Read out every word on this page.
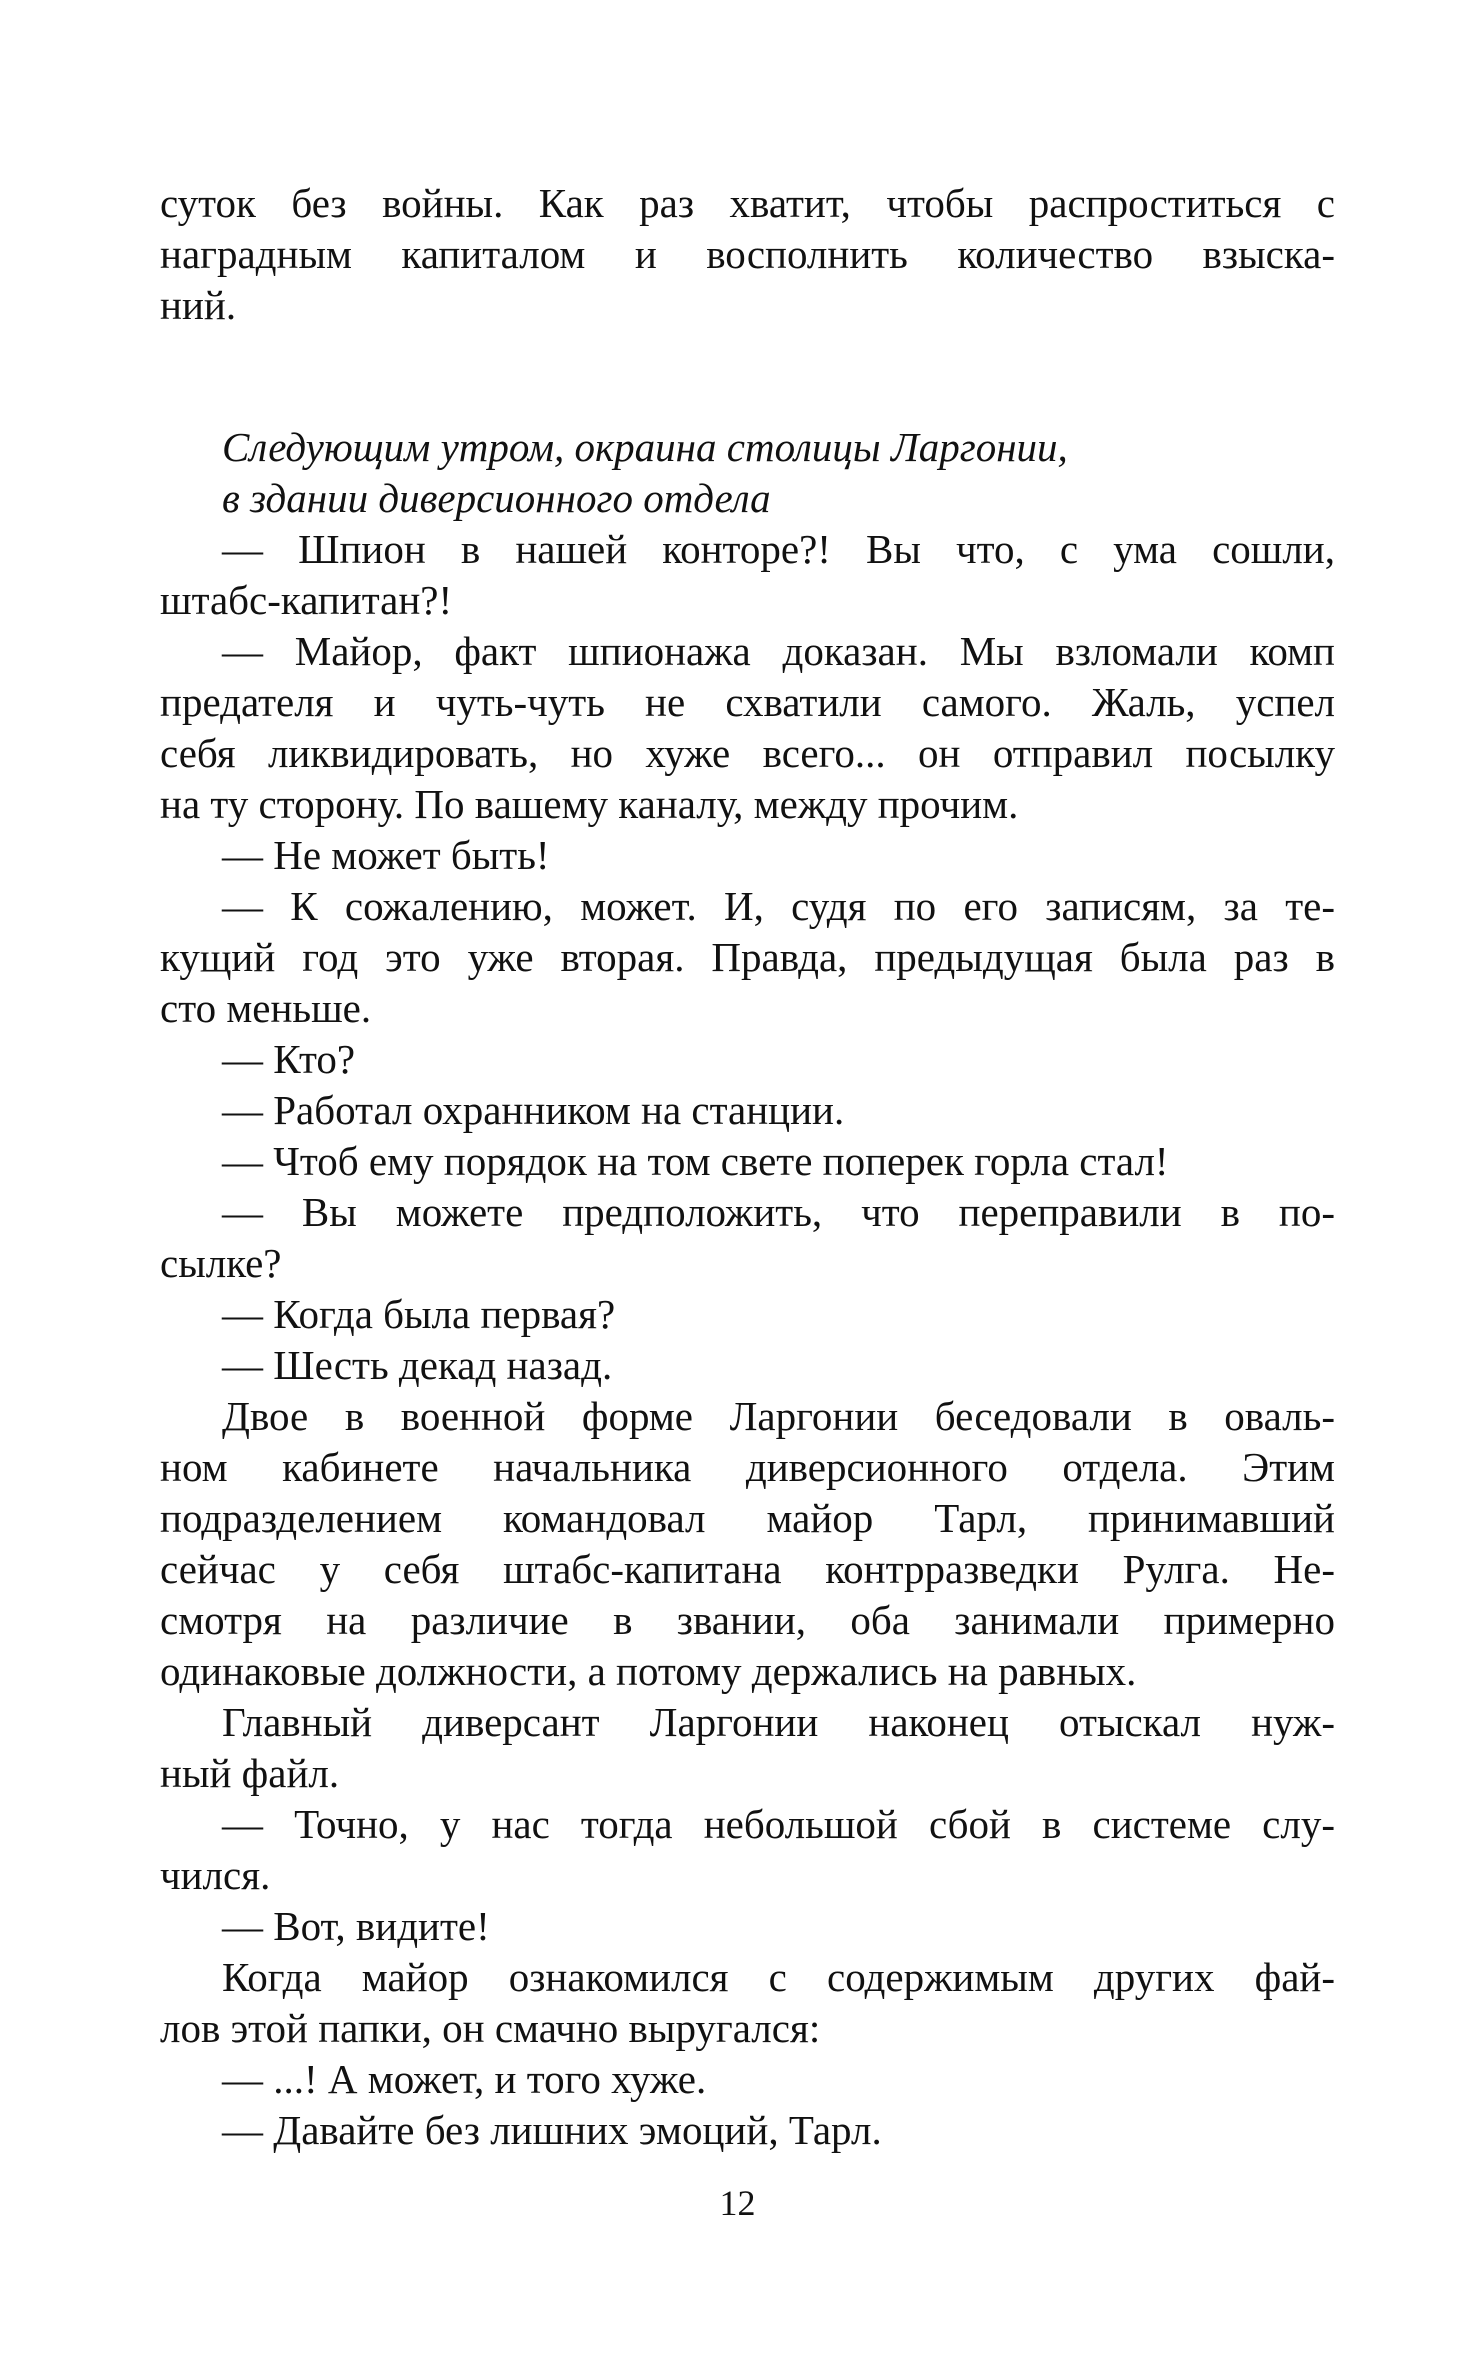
суток без войны. Как раз хватит, чтобы распроститься с
наградным капиталом и восполнить количество взыска-
ний.
Следующим утром, окраина столицы Ларгонии,
в здании диверсионного отдела
— Шпион в нашей конторе?! Вы что, с ума сошли,
штабс-капитан?!
— Майор, факт шпионажа доказан. Мы взломали комп
предателя и чуть-чуть не схватили самого. Жаль, успел
себя ликвидировать, но хуже всего... он отправил посылку
на ту сторону. По вашему каналу, между прочим.
— Не может быть!
— К сожалению, может. И, судя по его записям, за те-
кущий год это уже вторая. Правда, предыдущая была раз в
сто меньше.
— Кто?
— Работал охранником на станции.
— Чтоб ему порядок на том свете поперек горла стал!
— Вы можете предположить, что переправили в по-
сылке?
— Когда была первая?
— Шесть декад назад.
Двое в военной форме Ларгонии беседовали в оваль-
ном кабинете начальника диверсионного отдела. Этим
подразделением командовал майор Тарл, принимавший
сейчас у себя штабс-капитана контрразведки Рулга. Не-
смотря на различие в звании, оба занимали примерно
одинаковые должности, а потому держались на равных.
Главный диверсант Ларгонии наконец отыскал нуж-
ный файл.
— Точно, у нас тогда небольшой сбой в системе слу-
чился.
— Вот, видите!
Когда майор ознакомился с содержимым других фай-
лов этой папки, он смачно выругался:
— ...! А может, и того хуже.
— Давайте без лишних эмоций, Тарл.
12
